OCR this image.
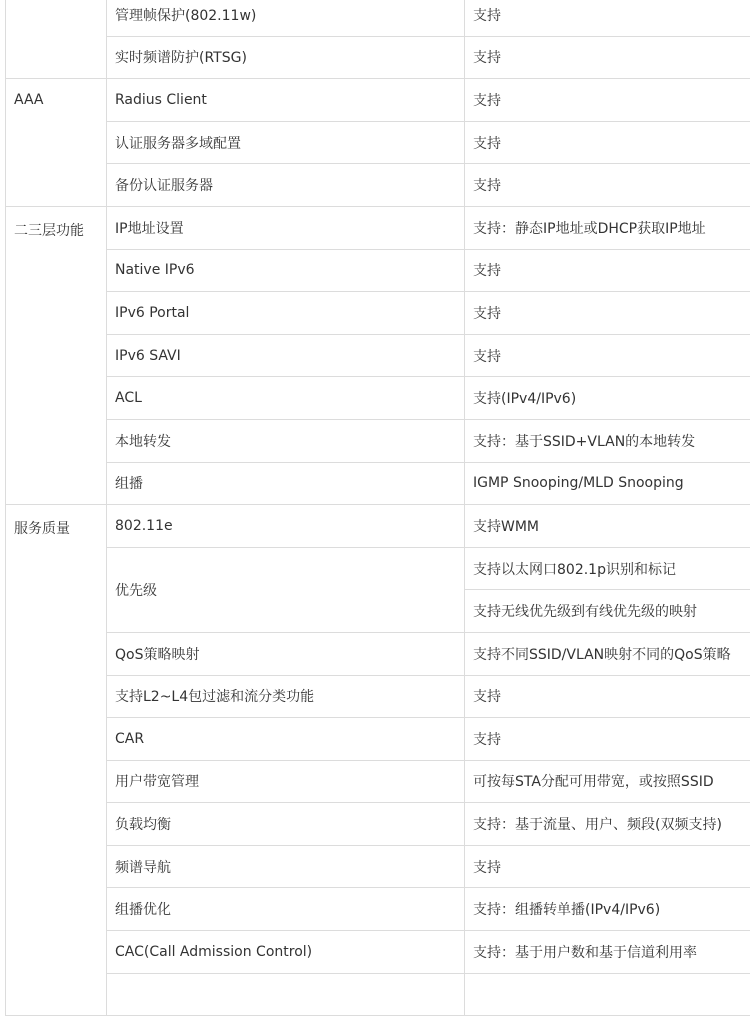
	管理帧保护(802.11w)	支持
	实时频谱防护(RTSG)	支持
AAA	Radius Client	支持
	认证服务器多域配置	支持
	备份认证服务器	支持
二三层功能	IP地址设置	支持：静态IP地址或DHCP获取IP地址
	Native IPv6	支持
	IPv6 Portal	支持
	IPv6 SAVI	支持
	ACL	支持(IPv4/IPv6)
	本地转发	支持：基于SSID+VLAN的本地转发
	组播	IGMP Snooping/MLD Snooping
服务质量	802.11e	支持WMM
	优先级	支持以太网口802.1p识别和标记
		支持无线优先级到有线优先级的映射
	QoS策略映射	支持不同SSID/VLAN映射不同的QoS策略
	支持L2~L4包过滤和流分类功能	支持
	CAR	支持
	用户带宽管理	可按每STA分配可用带宽，或按照SSID
	负载均衡	支持：基于流量、用户、频段(双频支持)
	频谱导航	支持
	组播优化	支持：组播转单播(IPv4/IPv6)
	CAC(Call Admission Control)	支持：基于用户数和基于信道利用率
